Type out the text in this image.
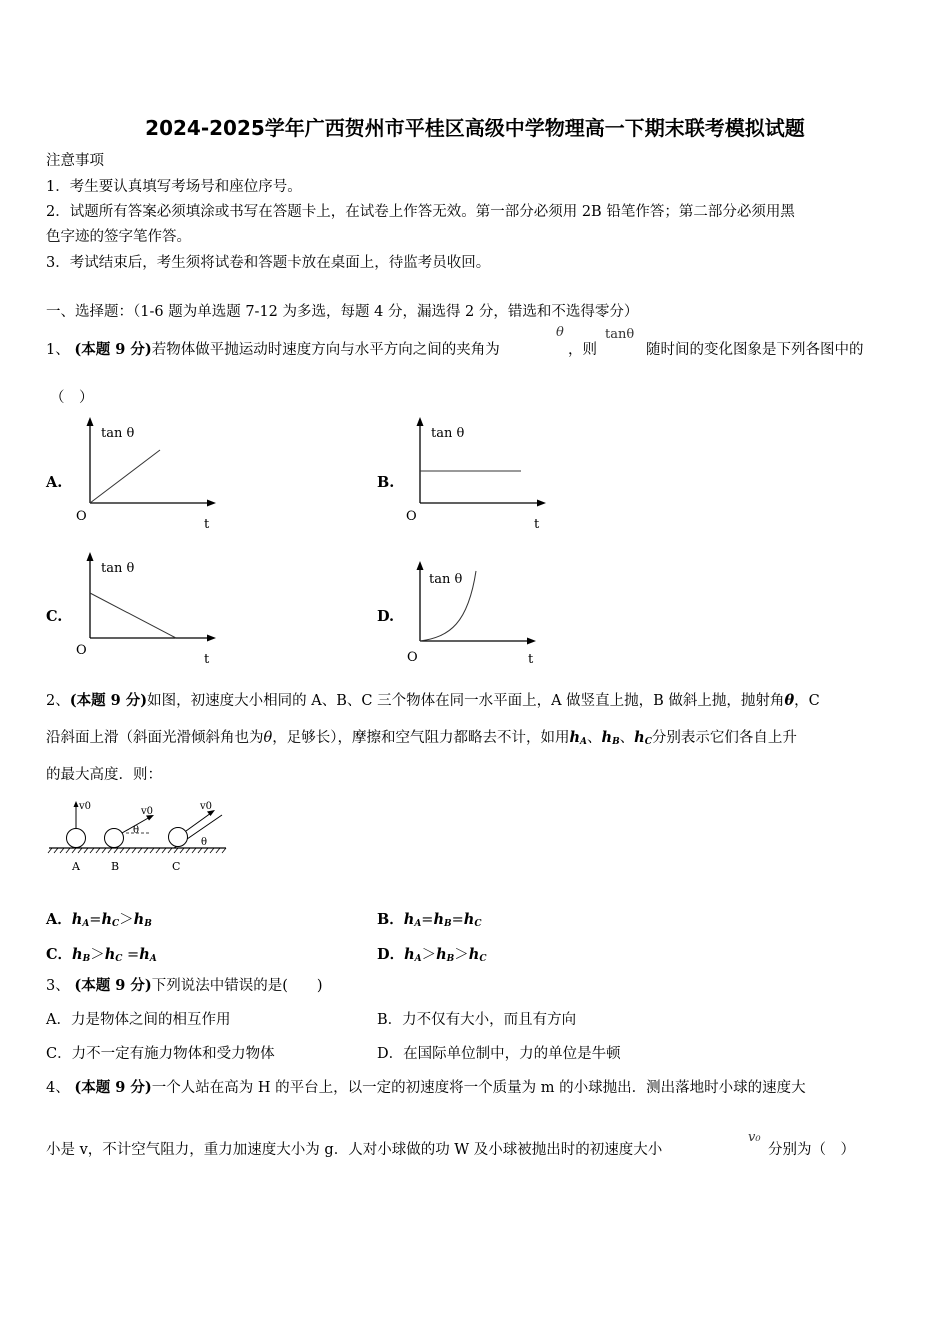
2024-2025学年广西贺州市平桂区高级中学物理高一下期末联考模拟试题
注意事项
1．考生要认真填写考场号和座位序号。
2．试题所有答案必须填涂或书写在答题卡上，在试卷上作答无效。第一部分必须用 2B 铅笔作答；第二部分必须用黑
色字迹的签字笔作答。
3．考试结束后，考生须将试卷和答题卡放在桌面上，待监考员收回。
一、选择题：（1-6 题为单选题 7-12 为多选，每题 4 分，漏选得 2 分，错选和不选得零分）
1、 (本题 9 分)若物体做平抛运动时速度方向与水平方向之间的夹角为
θ
，则
tanθ
随时间的变化图象是下列各图中的
（　）
A.	B.
C.	D.
tan θ
O
t
tan θ
O
t
tan θ
O
t
tan θ
O	t
2、(本题 9 分)如图，初速度大小相同的 A、B、C 三个物体在同一水平面上，A 做竖直上抛，B 做斜上抛，抛射角θ，C
沿斜面上滑（斜面光滑倾斜角也为θ，足够长），摩擦和空气阻力都略去不计，如用$h_A$、$h_B$、$h_C$分别表示它们各自上升
的最大高度．则：
v0
A
v0
θ
B
v0
θ
C
A．$h_A=h_C>h_B$	B．$h_A=h_B=h_C$
C．$h_B>h_C =h_A$	D．$h_A>h_B>h_C$
3、 (本题 9 分)下列说法中错误的是(　　)
A．力是物体之间的相互作用	B．力不仅有大小，而且有方向
C．力不一定有施力物体和受力物体	D．在国际单位制中，力的单位是牛顿
4、 (本题 9 分)一个人站在高为 H 的平台上，以一定的初速度将一个质量为 m 的小球抛出．测出落地时小球的速度大
小是 v，不计空气阻力，重力加速度大小为 g．人对小球做的功 W 及小球被抛出时的初速度大小
v₀
分别为（　）
